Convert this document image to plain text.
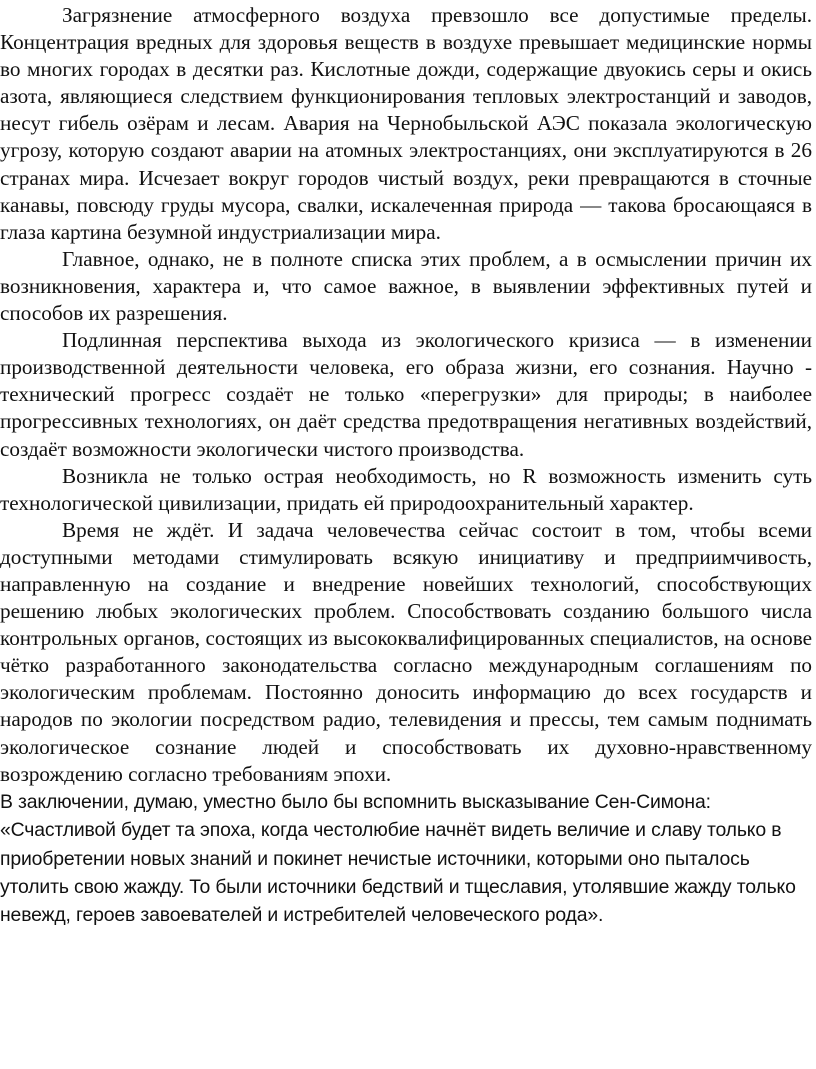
Загрязнение атмосферного воздуха превзошло все допустимые пределы. Концентрация вредных для здоровья веществ в воздухе превышает медицинские нормы во многих городах в десятки раз. Кислотные дожди, содержащие двуокись серы и окись азота, являющиеся следствием функционирования тепловых электростанций и заводов, несут гибель озёрам и лесам. Авария на Чернобыльской АЭС показала экологическую угрозу, которую создают аварии на атомных электростанциях, они эксплуатируются в 26 странах мира. Исчезает вокруг городов чистый воздух, реки превращаются в сточные канавы, повсюду груды мусора, свалки, искалеченная природа — такова бросающаяся в глаза картина безумной индустриализации мира.

Главное, однако, не в полноте списка этих проблем, а в осмыслении причин их возникновения, характера и, что самое важное, в выявлении эффективных путей и способов их разрешения.

Подлинная перспектива выхода из экологического кризиса — в изменении производственной деятельности человека, его образа жизни, его сознания. Научно - технический прогресс создаёт не только «перегрузки» для природы; в наиболее прогрессивных технологиях, он даёт средства предотвращения негативных воздействий, создаёт возможности экологически чистого производства.

Возникла не только острая необходимость, но R возможность изменить суть технологической цивилизации, придать ей природоохранительный характер.

Время не ждёт. И задача человечества сейчас состоит в том, чтобы всеми доступными методами стимулировать всякую инициативу и предприимчивость, направленную на создание и внедрение новейших технологий, способствующих решению любых экологических проблем. Способствовать созданию большого числа контрольных органов, состоящих из высококвалифицированных специалистов, на основе чётко разработанного законодательства согласно международным соглашениям по экологическим проблемам. Постоянно доносить информацию до всех государств и народов по экологии посредством радио, телевидения и прессы, тем самым поднимать экологическое сознание людей и способствовать их духовно-нравственному возрождению согласно требованиям эпохи.

В заключении, думаю, уместно было бы вспомнить высказывание Сен-Симона: «Счастливой будет та эпоха, когда честолюбие начнёт видеть величие и славу только в приобретении новых знаний и покинет нечистые источники, которыми оно пыталось утолить свою жажду. То были источники бедствий и тщеславия, утолявшие жажду только невежд, героев завоевателей и истребителей человеческого рода».
